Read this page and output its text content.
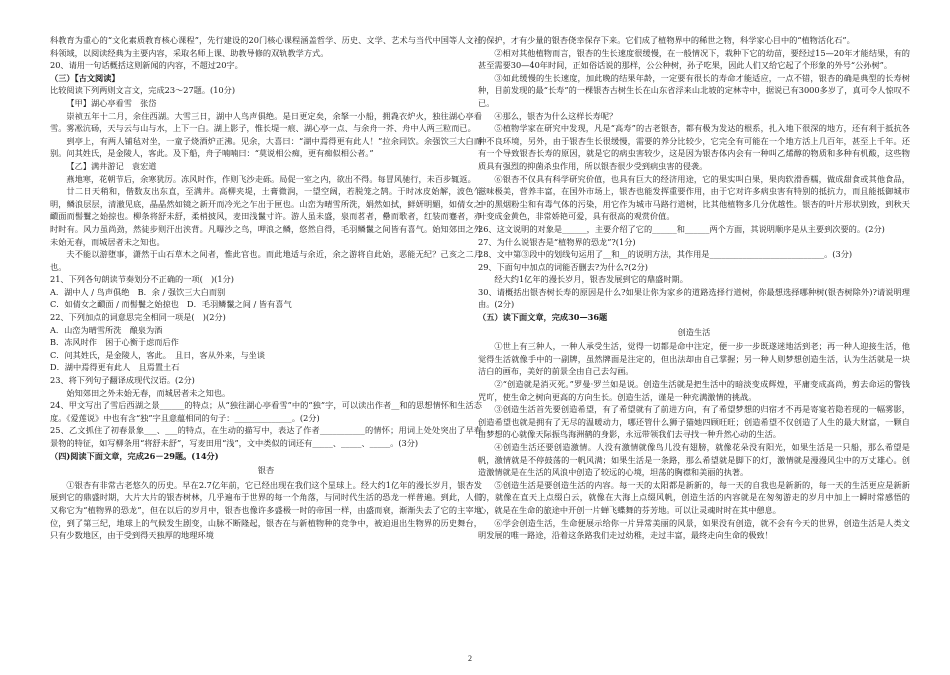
科教育为重心的“文化素质教育核心课程”，先行建设的20门核心课程涵盖哲学、历史、文学、艺术与当代中国等人文社科领域，以阅读经典为主要内容，采取名师上课、助教导修的双轨教学方式。

20、请用一句话概括这则新闻的内容，不超过20字。

（三）【古文阅读】

比较阅读下列两则文言文，完成23～27题。(10分)

【甲】湖心亭看雪　张岱

崇祯五年十二月，余住西湖。大雪三日，湖中人鸟声俱绝。是日更定矣，余拏一小船，拥毳衣炉火，独往湖心亭看雪。雾凇沆砀，天与云与山与水，上下一白。湖上影子，惟长堤一痕、湖心亭一点、与余舟一芥、舟中人两三粒而已。

到亭上，有两人铺毡对坐，一童子烧酒炉正沸。见余，大喜曰：“湖中焉得更有此人！”拉余同饮。余强饮三大白而别。问其姓氏，是金陵人，客此。及下船，舟子喃喃曰：“莫说相公痴，更有痴似相公者。”

【乙】满井游记　袁宏道

燕地寒，花朝节后，余寒犹厉。冻风时作，作则飞沙走砾。局促一室之内，欲出不得。每冒风驰行，未百步辄返。

廿二日天稍和，偕数友出东直，至满井。高柳夹堤，土膏微润，一望空阔，若脱笼之鹄。于时冰皮始解，波色乍明，鳞浪层层，清澈见底，晶晶然如镜之新开而冷光之乍出于匣也。山峦为晴雪所洗，娟然如拭，鲜妍明媚，如倩女之靧面而髻鬟之始掠也。柳条将舒未舒，柔梢披风，麦田浅鬣寸许。游人虽未盛，泉而茗者，罍而歌者，红装而蹇者，亦时时有。风力虽尚劲，然徒步则汗出浃背。凡曝沙之鸟，呷浪之鳞，悠然自得，毛羽鳞鬣之间皆有喜气。始知郊田之外未始无春，而城居者未之知也。

夫不能以游堕事，潇然于山石草木之间者，惟此官也。而此地适与余近，余之游将自此始，恶能无纪？己亥之二月也。

21、下列各句朗读节奏划分不正确的一项(　)(1分)

A．湖中人 / 鸟声俱绝　B．余 / 强饮三大白而别

C．如倩女之靧面 / 而髻鬟之始掠也　D．毛羽鳞鬣之间 / 皆有喜气

22、下列加点的词意思完全相同一项是(　)(2分)

A．山峦为晴雪所洗　酿泉为酒

B．冻风时作　困于心衡于虑而后作

C．问其姓氏，是金陵人，客此。　且日，客从外来，与坐谈

D．湖中焉得更有此人　且焉置土石

23、将下列句子翻译成现代汉语。(2分)

始知郊田之外未始无春，而城居者未之知也。

24、甲文写出了雪后西湖之景______的特点；从“独往湖心亭看雪”中的“独”字，可以读出作者__和的思想情怀和生活态度。《爱莲说》中也有含“独”字且意蕴相同的句子：______________。(2分)

25、乙文抓住了初春景象___、___的特点，在生动的描写中，表达了作者___________的情怀；用词上处处突出了早春景物的特征，如写柳条用“将舒未舒”，写麦田用“浅”，文中类似的词还有_____、_____、_____。(3分)

（四)阅读下面文章，完成26－29题。(14分)

银杏

①银杏有非常古老悠久的历史。早在2.7亿年前，它已经出现在我们这个星球上。经大约1亿年的漫长岁月，银杏发展到它的鼎盛时期，大片大片的银杏树林，几乎遍布于世界的每一个角落，与同时代生活的恐龙一样普遍。到此，人们又称它为“植物界的恐龙”，但在以后的岁月中，银杏也像许多盛极一时的帝国一样，由盛而衰，渐渐失去了它的主宰地位，到了第三纪，地球上的气候发生剧变，山脉不断隆起，银杏在与新植物种的竞争中，被迫退出生物界的历史舞台，只有少数地区，由于受到得天独厚的地理环境

的保护，才有少量的银杏侥幸保存下来。它们成了植物界中的稀世之物，科学家心目中的“植物活化石”。

②相对其他植物而言，银杏的生长速度很缓慢，在一般情况下，栽种下它的幼苗，要经过15—20年才能结果，有的甚至需要30—40年时间，正如俗话说的那样，公公种树，孙子吃果，因此人们又给它起了个形象的外号“公孙树”。

③如此缓慢的生长速度，加此晚的结果年龄，一定要有很长的寿命才能适应，一点不错，银杏的确是典型的长寿树种，目前发现的最“长寿”的一棵银杏古树生长在山东省浮来山北坡的定林寺中，据说已有3000多岁了，真可令人惊叹不已。

④那么，银杏为什么这样长寿呢？

⑤植物学家在研究中发现，凡是“高寿”的古老银杏，都有极为发达的根系，扎入地下很深的地方，还有利于抵抗各种不良环境，另外，由于银杏生长很缓慢，需要的养分比较少，它完全有可能在一个地方活上几百年，甚至上千年。还有一个导致银杏长寿的原因，就是它的病虫害较少，这是因为银杏体内会有一种叫乙烯醇的物质和多种有机酸，这些物质具有强烈的抑菌杀虫作用，所以银杏很少受到病虫害的侵袭。

⑥银杏不仅具有科学研究价值，也具有巨大的经济用途，它的果实叫白果，果肉软滑香糯，做成甜食或其他食品，滋味极美，营养丰富，在国外市场上，银杏也能发挥重要作用，由于它对许多病虫害有特别的抵抗力，而且能抵御城市中的黑烟粉尘和有毒气体的污染，用它作为城市马路行道树，比其他植物多几分优越性。银杏的叶片形状别致，到秋天叶变成金黄色，非常娇艳可爱，具有很高的观赏价值。

26、这文说明的对象是______，主要介绍了它的______和______两个方面，其说明顺序是从主要到次要的。(2分)

27、为什么说银杏是“植物界的恐龙”?(1分)

28、文中第③段中的划线句运用了__和__的说明方法，其作用是____________________________。(3分)

29、下面句中加点的词能否删去?为什么?(2分)

经大约1亿年的漫长岁月，银杏发展到它的鼎盛时期。

30、请概括出银杏树长寿的原因是什么?如果让你为家乡的道路选择行道树，你最想选择哪种树(银杏树除外)?请说明理由。(2分)

（五）读下面文章，完成30—36题

创造生活

①世上有三种人，一种人承受生活，觉得一切都是命中注定，便一步一步既遂迷地活到老；再一种人迎接生活，他觉得生活就像手中的一副牌，虽然牌面是注定的，但出法却由自己掌握；另一种人则梦想创造生活，认为生活就是一块洁白的画布，美好的前景全由自己去勾画。

②“创造就是消灭死。”罗曼·罗兰如是说。创造生活就是把生活中的暗淡变成辉煌，平庸变成高尚，剪去命运的警钱咒吖，使生命之树向更高的方向生长。创造生活，谨是一种充满激情的挑战。

③创造生活首先要创造希望，有了希望就有了前进方向，有了希望梦想的归宿才不再是寄宴若隐若现的一幅雾影，创造希望也就是拥有了无尽的温暖动力，哪还管什么狮子猫她四顾旺旺；创造希望不仅创造了人生的最大财富，一颗自由梦想的心就像天际振鸟海洲鹤的身影，永远带领我们去寻找一种升然心动的生活。

④创造生活还要创造激情。人没有激情就像鸟儿没有翅膀，就像花朵没有阳光，如果生活是一只船，那么希望是帆，激情就是不停鼓荡的一帆风满；如果生活是一条路，那么希望就是脚下的灯，激情就是漫漫风尘中的万丈雄心。创造激情就是在生活的风浪中创造了较远的心境，坦荡的胸襟和美丽的执著。

⑤创造生活是要创造生活的内容。每一天的太阳都是新新的，每一天的自我也是新新的，每一天的生活更应是新新的，就像在直天上点缀白云，就像在大海上点缀风帆，创造生活的内容就是在匆匆游走的岁月中加上一瞬时常感悟的心，就是在生命的旅途中开创一片蝉飞蝶舞的芬芳地。可以让灵魂时时在其中憩息。

⑥学会创造生活，生命便展示给你一片异常美丽的风景，如果没有创造，就不会有今天的世界，创造生活是人类文明发展的唯一路途，沿着这条路我们走过幼稚，走过丰富，最终走向生命的极致！

2
